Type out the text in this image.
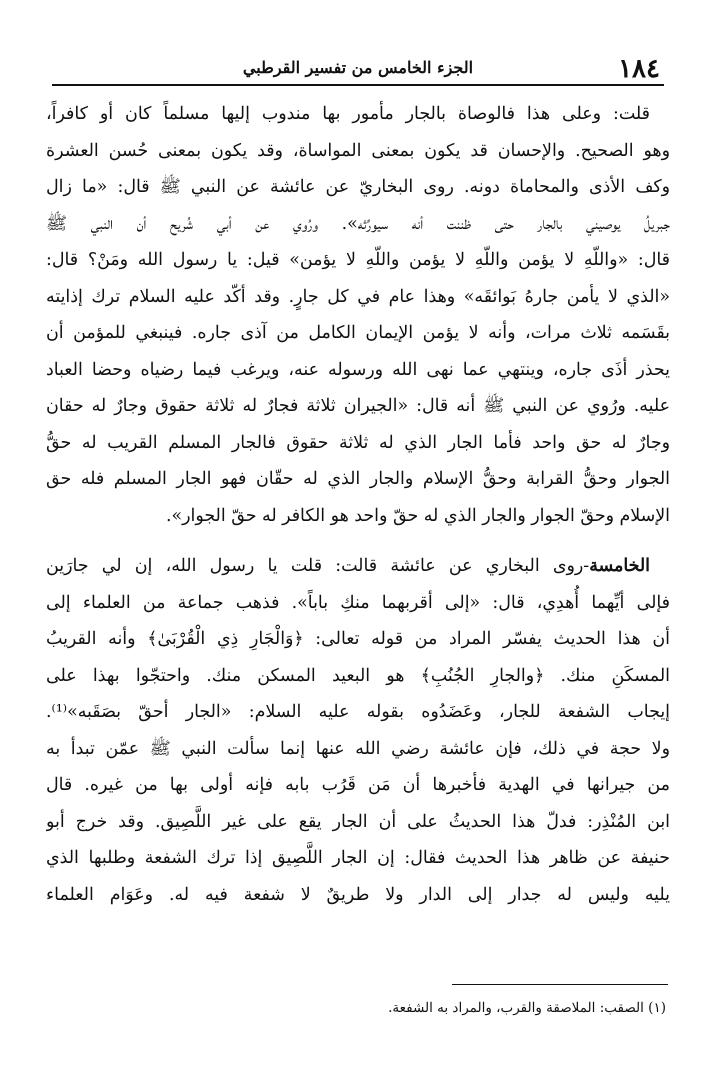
١٨٤
الجزء الخامس من تفسير القرطبي
قلت: وعلى هذا فالوصاة بالجار مأمور بها مندوب إليها مسلماً كان أو كافراً،
وهو الصحيح. والإحسان قد يكون بمعنى المواساة، وقد يكون بمعنى حُسن العشرة
وكف الأذى والمحاماة دونه. روى البخاريّ عن عائشة عن النبي ﷺ قال: «ما زال
جبريلُ يوصيني بالجار حتى ظننت أنه سيورِّثه». ورُوي عن أبي شُريح أن النبي ﷺ
قال: «واللّهِ لا يؤمن واللّهِ لا يؤمن واللّهِ لا يؤمن» قيل: يا رسول الله ومَنْ؟ قال:
«الذي لا يأمن جارهُ بَوائقَه» وهذا عام في كل جارٍ. وقد أكّد عليه السلام ترك إذايته
بقَسَمه ثلاث مرات، وأنه لا يؤمن الإيمان الكامل من آذى جاره. فينبغي للمؤمن أن
يحذر أذَى جاره، وينتهي عما نهى الله ورسوله عنه، ويرغب فيما رضياه وحضا العباد
عليه. ورُوي عن النبي ﷺ أنه قال: «الجيران ثلاثة فجارٌ له ثلاثة حقوق وجارٌ له حقان
وجارٌ له حق واحد فأما الجار الذي له ثلاثة حقوق فالجار المسلم القريب له حقُّ
الجوار وحقُّ القرابة وحقُّ الإسلام والجار الذي له حقّان فهو الجار المسلم فله حق
الإسلام وحقّ الجوار والجار الذي له حقّ واحد هو الكافر له حقّ الجوار».
الخامسة-روى البخاري عن عائشة قالت: قلت يا رسول الله، إن لي جارَين
فإلى أيِّهما أُهدِي، قال: «إلى أقربهما منكِ باباً». فذهب جماعة من العلماء إلى
أن هذا الحديث يفسّر المراد من قوله تعالى: ﴿وَالْجَارِ ذِي الْقُرْبَىٰ﴾ وأنه القريبُ
المسكَنِ منك. ﴿والجارِ الجُنُبِ﴾ هو البعيد المسكن منك. واحتجّوا بهذا على
إيجاب الشفعة للجار، وعَضَدُوه بقوله عليه السلام: «الجار أحقّ بصَقَبه»⁽¹⁾.
ولا حجة في ذلك، فإن عائشة رضي الله عنها إنما سألت النبي ﷺ عمّن تبدأ به
من جيرانها في الهدية فأخبرها أن مَن قَرُب بابه فإنه أولى بها من غيره. قال
ابن المُنْذِر: فدلّ هذا الحديثُ على أن الجار يقع على غير اللَّصِيق. وقد خرج أبو
حنيفة عن ظاهر هذا الحديث فقال: إن الجار اللَّصِيق إذا ترك الشفعة وطلبها الذي
يليه وليس له جدار إلى الدار ولا طريقٌ لا شفعة فيه له. وعَوَام العلماء
(١) الصقب: الملاصقة والقرب، والمراد به الشفعة.
